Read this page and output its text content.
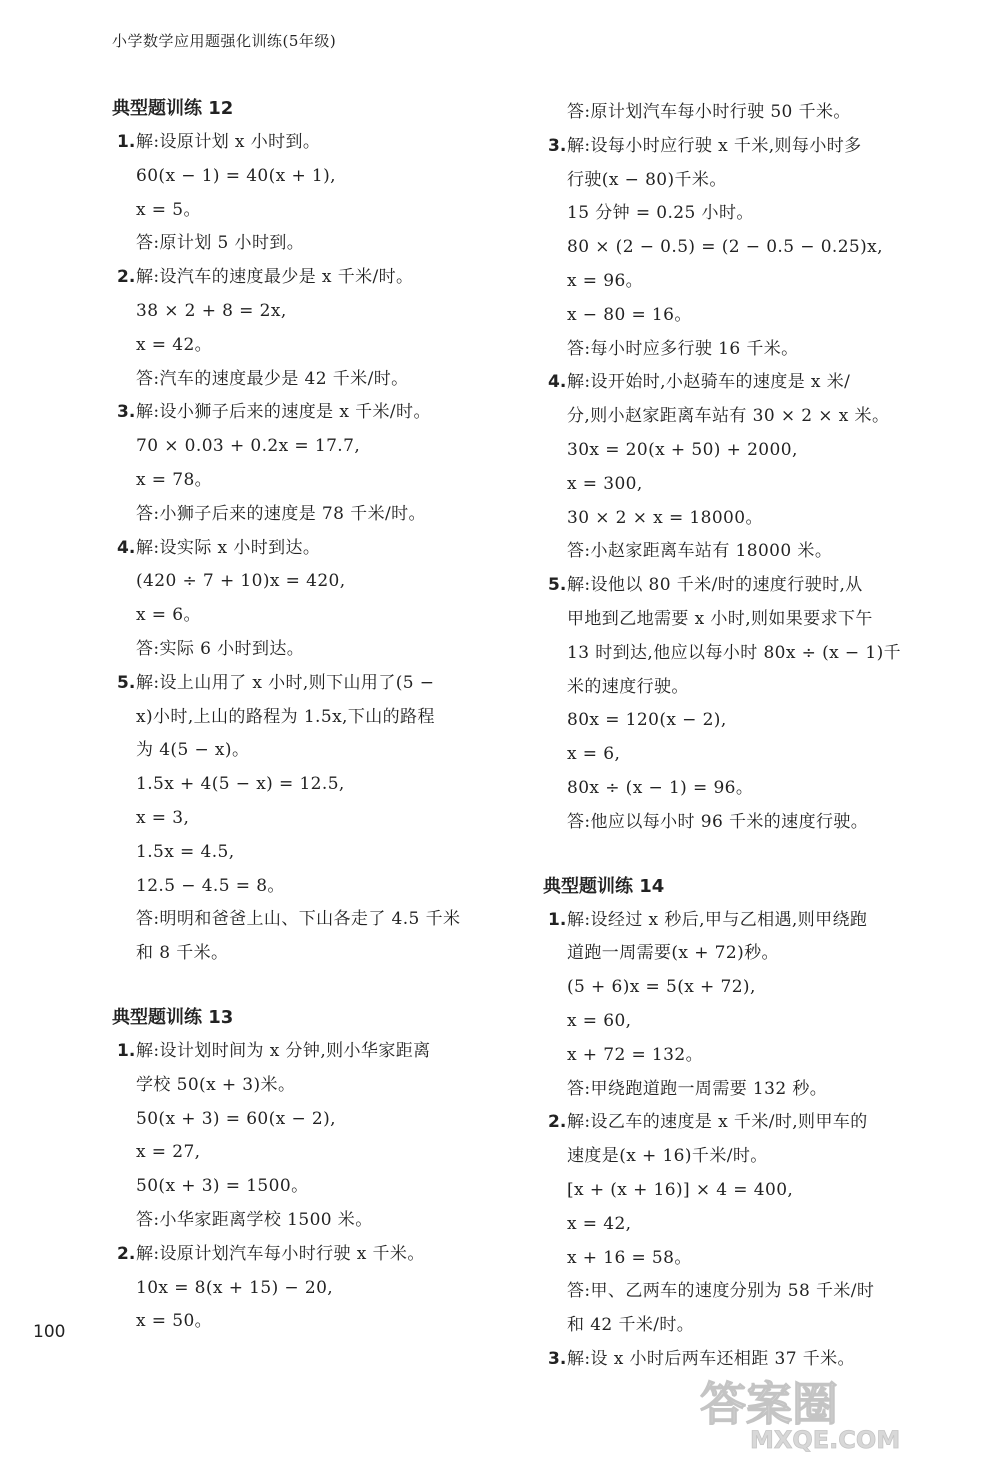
小学数学应用题强化训练(5年级)
典型题训练 12
1. 解:设原计划 x 小时到。
60(x − 1) = 40(x + 1),
x = 5。
答:原计划 5 小时到。
2. 解:设汽车的速度最少是 x 千米/时。
38 × 2 + 8 = 2x,
x = 42。
答:汽车的速度最少是 42 千米/时。
3. 解:设小狮子后来的速度是 x 千米/时。
70 × 0.03 + 0.2x = 17.7,
x = 78。
答:小狮子后来的速度是 78 千米/时。
4. 解:设实际 x 小时到达。
(420 ÷ 7 + 10)x = 420,
x = 6。
答:实际 6 小时到达。
5. 解:设上山用了 x 小时,则下山用了(5 −
x)小时,上山的路程为 1.5x,下山的路程
为 4(5 − x)。
1.5x + 4(5 − x) = 12.5,
x = 3,
1.5x = 4.5,
12.5 − 4.5 = 8。
答:明明和爸爸上山、下山各走了 4.5 千米
和 8 千米。
典型题训练 13
1. 解:设计划时间为 x 分钟,则小华家距离
学校 50(x + 3)米。
50(x + 3) = 60(x − 2),
x = 27,
50(x + 3) = 1500。
答:小华家距离学校 1500 米。
2. 解:设原计划汽车每小时行驶 x 千米。
10x = 8(x + 15) − 20,
x = 50。
答:原计划汽车每小时行驶 50 千米。
3. 解:设每小时应行驶 x 千米,则每小时多
行驶(x − 80)千米。
15 分钟 = 0.25 小时。
80 × (2 − 0.5) = (2 − 0.5 − 0.25)x,
x = 96。
x − 80 = 16。
答:每小时应多行驶 16 千米。
4. 解:设开始时,小赵骑车的速度是 x 米/
分,则小赵家距离车站有 30 × 2 × x 米。
30x = 20(x + 50) + 2000,
x = 300,
30 × 2 × x = 18000。
答:小赵家距离车站有 18000 米。
5. 解:设他以 80 千米/时的速度行驶时,从
甲地到乙地需要 x 小时,则如果要求下午
13 时到达,他应以每小时 80x ÷ (x − 1)千
米的速度行驶。
80x = 120(x − 2),
x = 6,
80x ÷ (x − 1) = 96。
答:他应以每小时 96 千米的速度行驶。
典型题训练 14
1. 解:设经过 x 秒后,甲与乙相遇,则甲绕跑
道跑一周需要(x + 72)秒。
(5 + 6)x = 5(x + 72),
x = 60,
x + 72 = 132。
答:甲绕跑道跑一周需要 132 秒。
2. 解:设乙车的速度是 x 千米/时,则甲车的
速度是(x + 16)千米/时。
[x + (x + 16)] × 4 = 400,
x = 42,
x + 16 = 58。
答:甲、乙两车的速度分别为 58 千米/时
和 42 千米/时。
3. 解:设 x 小时后两车还相距 37 千米。
100
答案圈
MXQE.COM
